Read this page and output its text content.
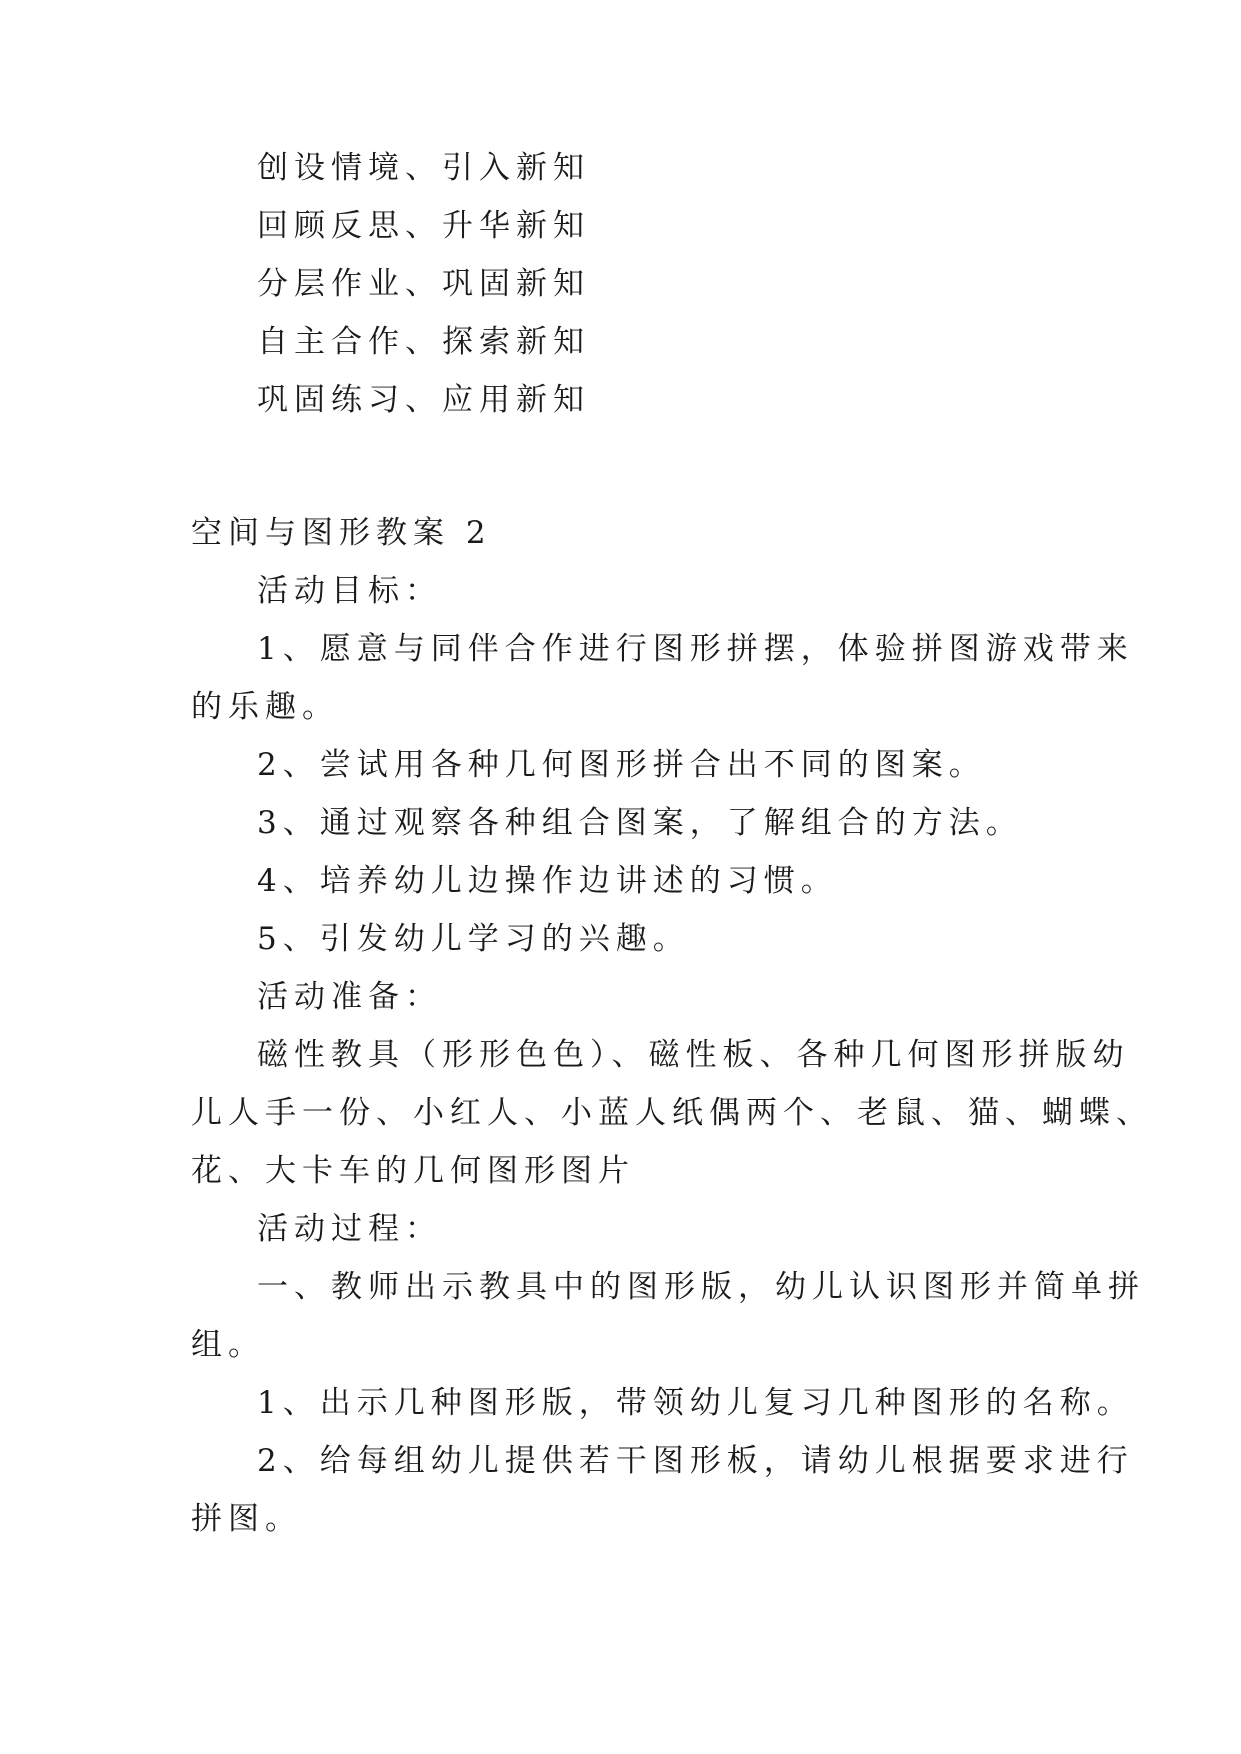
创设情境、引入新知
回顾反思、升华新知
分层作业、巩固新知
自主合作、探索新知
巩固练习、应用新知
空间与图形教案 2
活动目标：
1、愿意与同伴合作进行图形拼摆，体验拼图游戏带来
的乐趣。
2、尝试用各种几何图形拼合出不同的图案。
3、通过观察各种组合图案，了解组合的方法。
4、培养幼儿边操作边讲述的习惯。
5、引发幼儿学习的兴趣。
活动准备：
磁性教具（形形色色）、磁性板、各种几何图形拼版幼
儿人手一份、小红人、小蓝人纸偶两个、老鼠、猫、蝴蝶、
花、大卡车的几何图形图片
活动过程：
一、教师出示教具中的图形版，幼儿认识图形并简单拼
组。
1、出示几种图形版，带领幼儿复习几种图形的名称。
2、给每组幼儿提供若干图形板，请幼儿根据要求进行
拼图。
